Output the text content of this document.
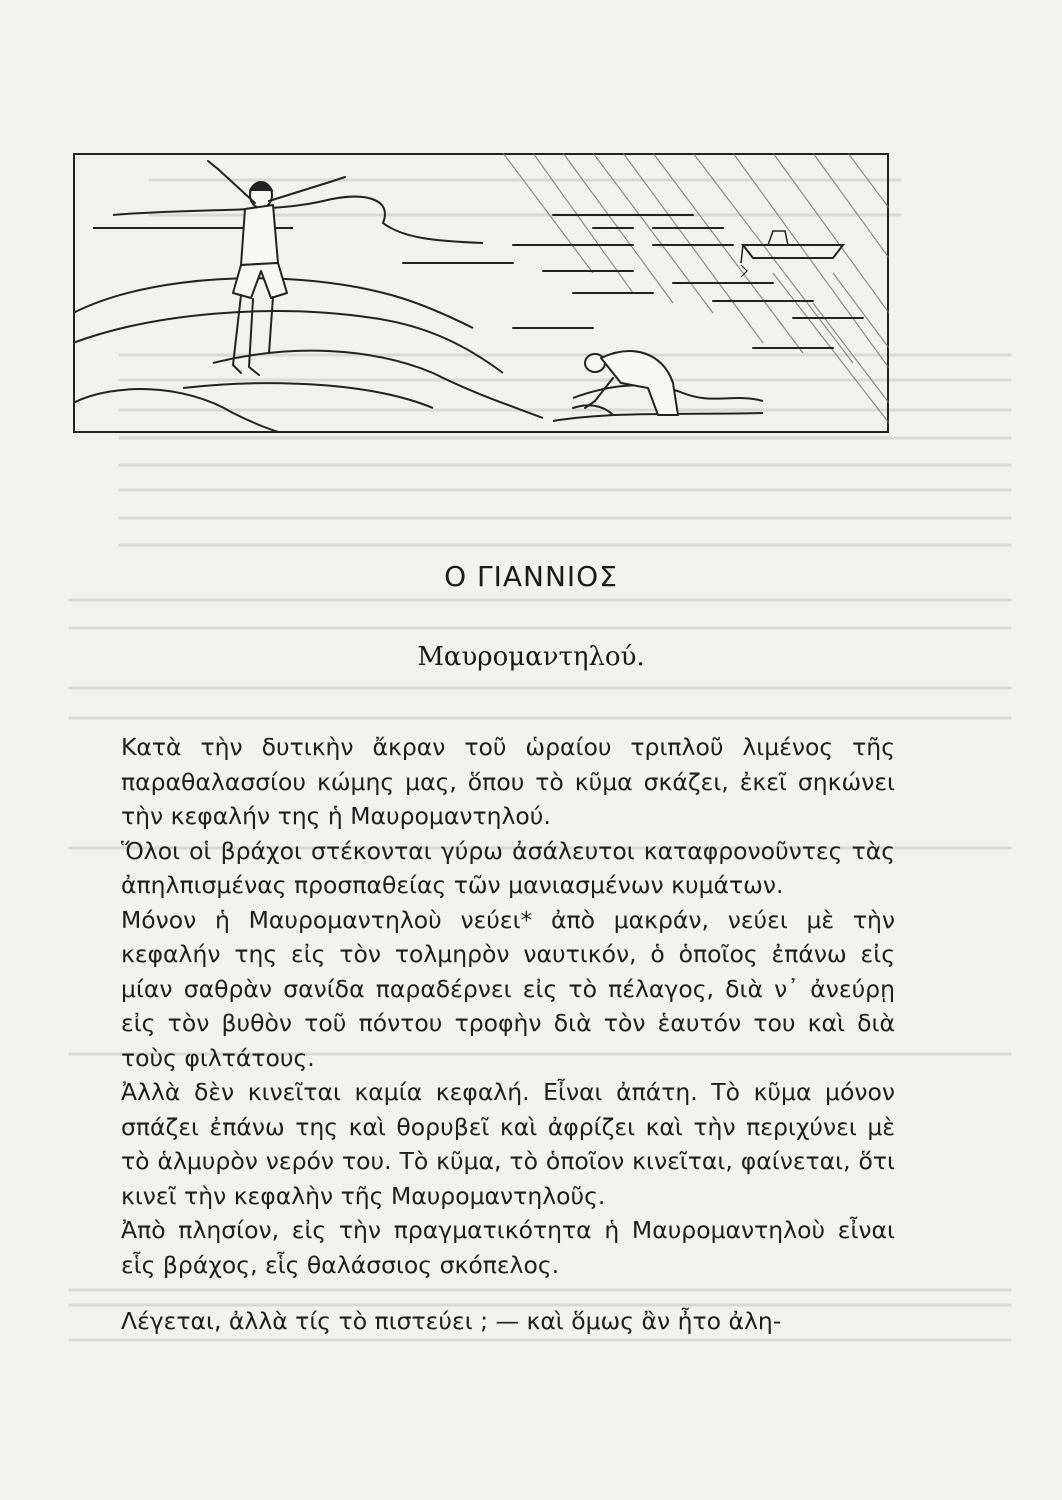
Ο ΓΙΑΝΝΙΟΣ
Μαυρομαντηλού.

Κατὰ τὴν δυτικὴν ἄκραν τοῦ ὡραίου τριπλοῦ λιμένος τῆς παραθαλασσίου κώμης μας, ὅπου τὸ κῦμα σκάζει, ἐκεῖ σηκώνει τὴν κεφαλήν της ἡ Μαυρομαντηλού.

Ὅλοι οἱ βράχοι στέκονται γύρω ἀσάλευτοι καταφρονοῦντες τὰς ἀπηλπισμένας προσπαθείας τῶν μανιασμένων κυμάτων.

Μόνον ἡ Μαυρομαντηλοὺ νεύει* ἀπὸ μακράν, νεύει μὲ τὴν κεφαλήν της εἰς τὸν τολμηρὸν ναυτικόν, ὁ ὁποῖος ἐπάνω εἰς μίαν σαθρὰν σανίδα παραδέρνει εἰς τὸ πέλαγος, διὰ ν᾽ ἀνεύρῃ εἰς τὸν βυθὸν τοῦ πόντου τροφὴν διὰ τὸν ἑαυτόν του καὶ διὰ τοὺς φιλτάτους.

Ἀλλὰ δὲν κινεῖται καμία κεφαλή. Εἶναι ἀπάτη. Τὸ κῦμα μόνον σπάζει ἐπάνω της καὶ θορυβεῖ καὶ ἀφρίζει καὶ τὴν περιχύνει μὲ τὸ ἁλμυρὸν νερόν του. Τὸ κῦμα, τὸ ὁποῖον κινεῖται, φαίνεται, ὅτι κινεῖ τὴν κεφαλὴν τῆς Μαυρομαντηλοῦς.

Ἀπὸ πλησίον, εἰς τὴν πραγματικότητα ἡ Μαυρομαντηλοὺ εἶναι εἷς βράχος, εἷς θαλάσσιος σκόπελος.

Λέγεται, ἀλλὰ τίς τὸ πιστεύει ; — καὶ ὅμως ἂν ἦτο ἀλη-
